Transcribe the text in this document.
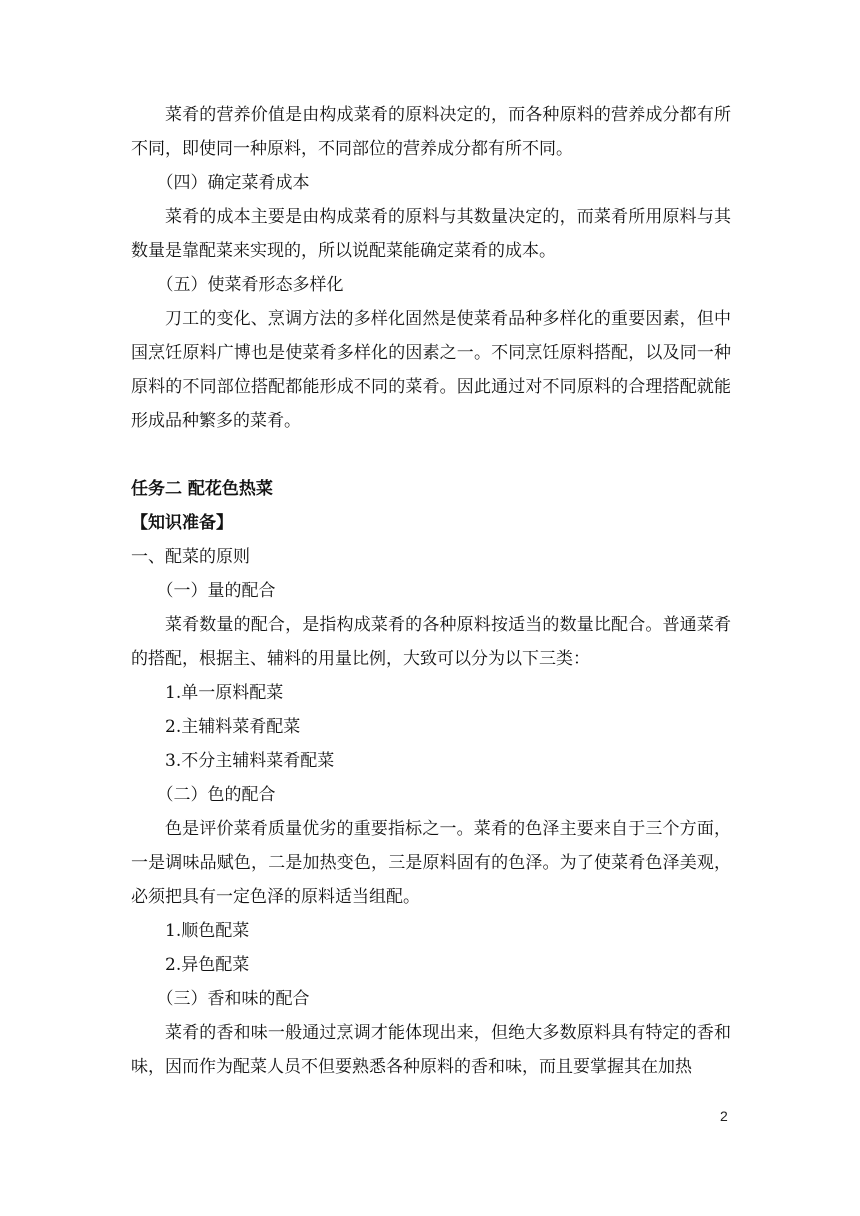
菜肴的营养价值是由构成菜肴的原料决定的，而各种原料的营养成分都有所不同，即使同一种原料，不同部位的营养成分都有所不同。

（四）确定菜肴成本

菜肴的成本主要是由构成菜肴的原料与其数量决定的，而菜肴所用原料与其数量是靠配菜来实现的，所以说配菜能确定菜肴的成本。

（五）使菜肴形态多样化

刀工的变化、烹调方法的多样化固然是使菜肴品种多样化的重要因素，但中国烹饪原料广博也是使菜肴多样化的因素之一。不同烹饪原料搭配，以及同一种原料的不同部位搭配都能形成不同的菜肴。因此通过对不同原料的合理搭配就能形成品种繁多的菜肴。

任务二 配花色热菜

【知识准备】

一、配菜的原则

（一）量的配合

菜肴数量的配合，是指构成菜肴的各种原料按适当的数量比配合。普通菜肴的搭配，根据主、辅料的用量比例，大致可以分为以下三类：

1.单一原料配菜

2.主辅料菜肴配菜

3.不分主辅料菜肴配菜

（二）色的配合

色是评价菜肴质量优劣的重要指标之一。菜肴的色泽主要来自于三个方面，一是调味品赋色，二是加热变色，三是原料固有的色泽。为了使菜肴色泽美观，必须把具有一定色泽的原料适当组配。

1.顺色配菜

2.异色配菜

（三）香和味的配合

菜肴的香和味一般通过烹调才能体现出来，但绝大多数原料具有特定的香和味，因而作为配菜人员不但要熟悉各种原料的香和味，而且要掌握其在加热

2
